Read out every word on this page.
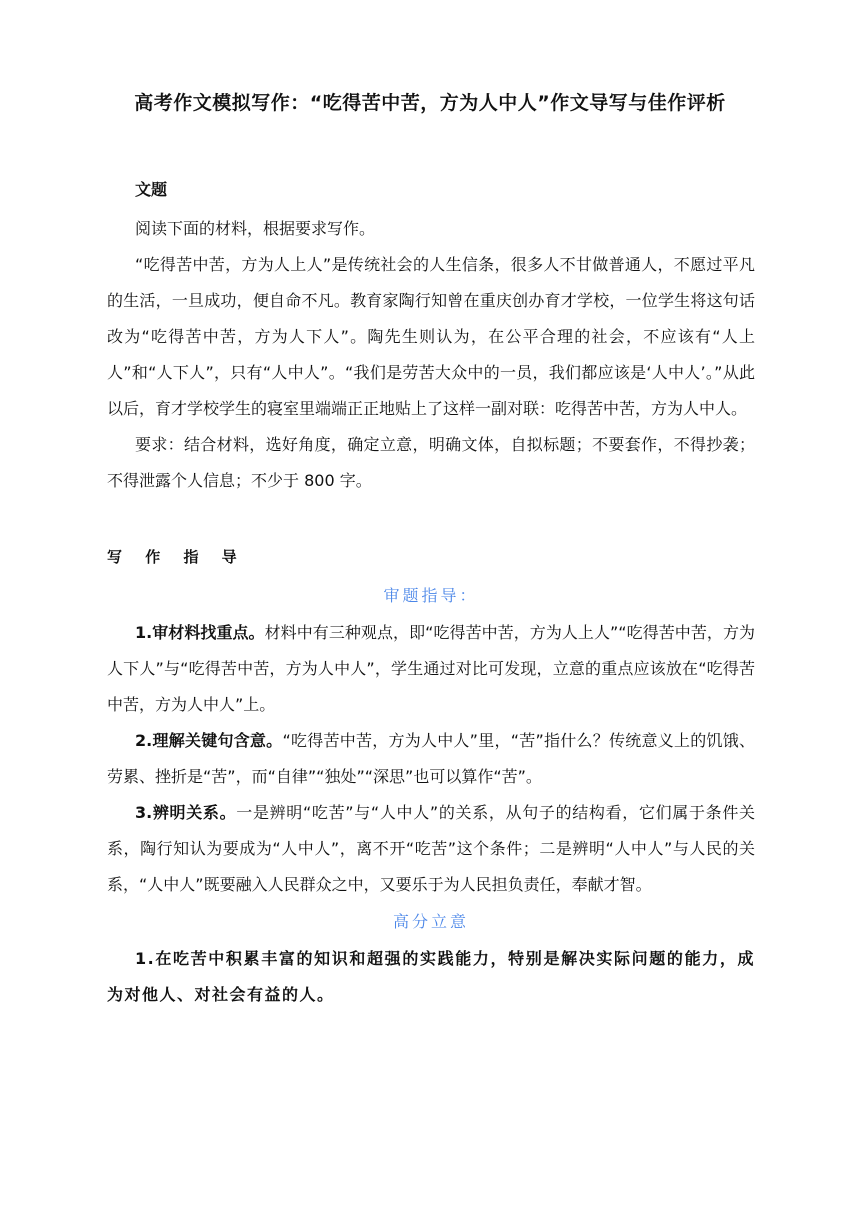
高考作文模拟写作：“吃得苦中苦，方为人中人”作文导写与佳作评析
文题

阅读下面的材料，根据要求写作。

“吃得苦中苦，方为人上人”是传统社会的人生信条，很多人不甘做普通人，不愿过平凡的生活，一旦成功，便自命不凡。教育家陶行知曾在重庆创办育才学校，一位学生将这句话改为“吃得苦中苦，方为人下人”。陶先生则认为，在公平合理的社会，不应该有“人上人”和“人下人”，只有“人中人”。“我们是劳苦大众中的一员，我们都应该是‘人中人’。”从此以后，育才学校学生的寝室里端端正正地贴上了这样一副对联：吃得苦中苦，方为人中人。

要求：结合材料，选好角度，确定立意，明确文体，自拟标题；不要套作，不得抄袭；不得泄露个人信息；不少于 800 字。

写 作 指 导
审题指导：

1.审材料找重点。材料中有三种观点，即“吃得苦中苦，方为人上人”“吃得苦中苦，方为人下人”与“吃得苦中苦，方为人中人”，学生通过对比可发现，立意的重点应该放在“吃得苦中苦，方为人中人”上。

2.理解关键句含意。“吃得苦中苦，方为人中人”里，“苦”指什么？传统意义上的饥饿、劳累、挫折是“苦”，而“自律”“独处”“深思”也可以算作“苦”。

3.辨明关系。一是辨明“吃苦”与“人中人”的关系，从句子的结构看，它们属于条件关系，陶行知认为要成为“人中人”，离不开“吃苦”这个条件；二是辨明“人中人”与人民的关系，“人中人”既要融入人民群众之中，又要乐于为人民担负责任，奉献才智。

高分立意

1.在吃苦中积累丰富的知识和超强的实践能力，特别是解决实际问题的能力，成为对他人、对社会有益的人。
